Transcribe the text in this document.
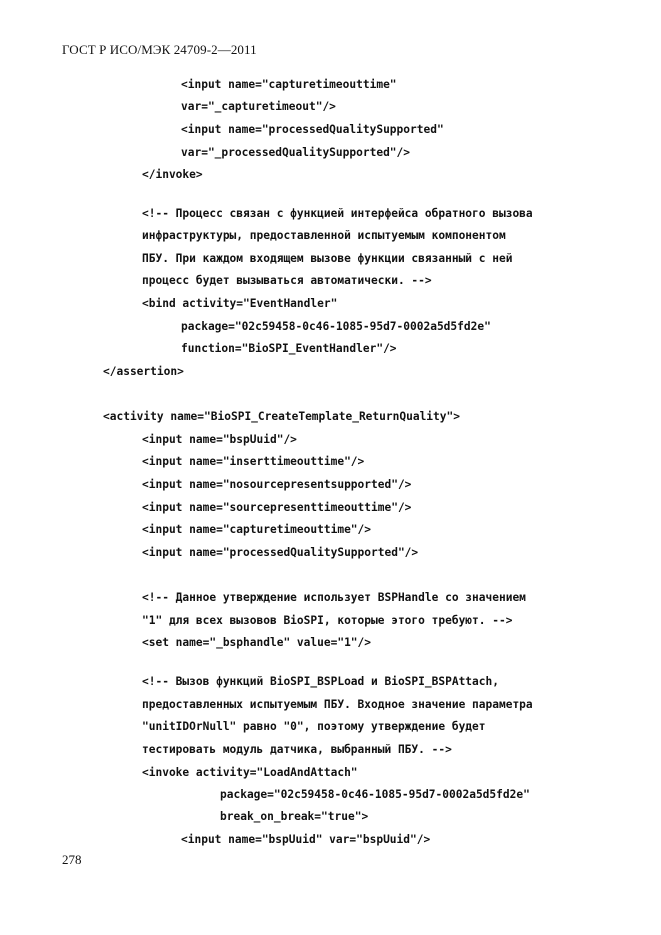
ГОСТ Р ИСО/МЭК 24709-2—2011

<input name="capturetimeouttime"

var="_capturetimeout"/>

<input name="processedQualitySupported"

var="_processedQualitySupported"/>

</invoke>

<!-- Процесс связан с функцией интерфейса обратного вызова

инфраструктуры, предоставленной испытуемым компонентом

ПБУ. При каждом входящем вызове функции связанный с ней

процесс будет вызываться автоматически. -->

<bind activity="EventHandler"

package="02c59458-0c46-1085-95d7-0002a5d5fd2e"

function="BioSPI_EventHandler"/>

</assertion>

<activity name="BioSPI_CreateTemplate_ReturnQuality">

<input name="bspUuid"/>

<input name="inserttimeouttime"/>

<input name="nosourcepresentsupported"/>

<input name="sourcepresenttimeouttime"/>

<input name="capturetimeouttime"/>

<input name="processedQualitySupported"/>

<!-- Данное утверждение использует BSPHandle со значением

"1" для всех вызовов BioSPI, которые этого требуют. -->

<set name="_bsphandle" value="1"/>

<!-- Вызов функций BioSPI_BSPLoad и BioSPI_BSPAttach,

предоставленных испытуемым ПБУ. Входное значение параметра

"unitIDOrNull" равно "0", поэтому утверждение будет

тестировать модуль датчика, выбранный ПБУ. -->

<invoke activity="LoadAndAttach"

package="02c59458-0c46-1085-95d7-0002a5d5fd2e"

break_on_break="true">

<input name="bspUuid" var="bspUuid"/>

278
